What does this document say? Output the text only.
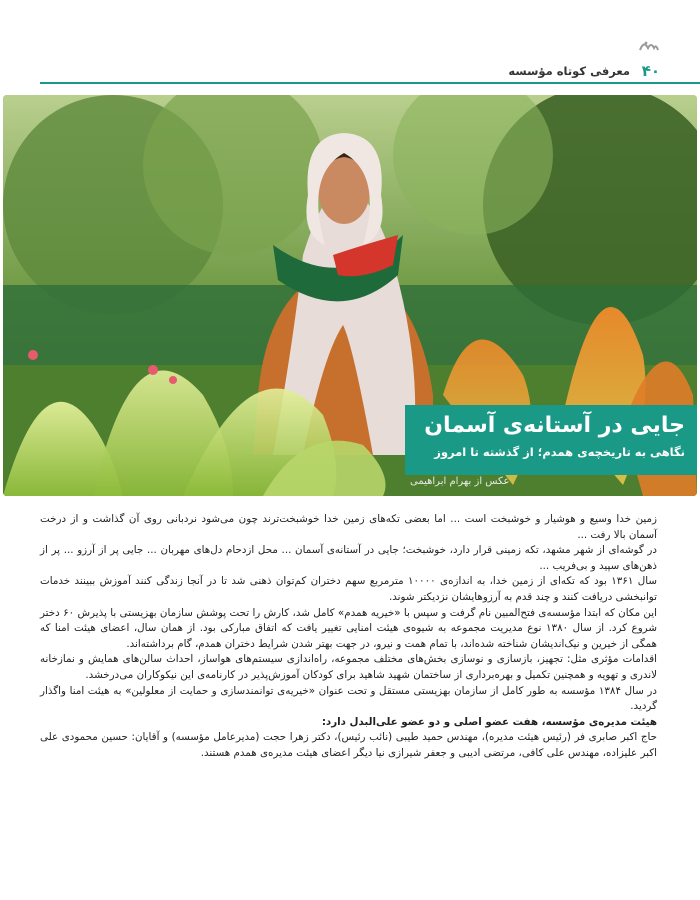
۴۰
معرفی کوتاه مؤسسه
عکس از بهرام ابراهیمی
جایی در آستانه‌ی آسمان
نگاهی به تاریخچه‌ی همدم؛ از گذشته تا امروز

زمین خدا وسیع و هوشیار و خوشبخت است ... اما بعضی تکه‌های زمین خدا خوشبخت‌ترند چون می‌شود نردبانی روی آن گذاشت و از درخت آسمان بالا رفت ...

در گوشه‌ای از شهر مشهد، تکه زمینی قرار دارد، خوشبخت؛ جایی در آستانه‌ی آسمان ... محل ازدحام دل‌های مهربان ... جایی پر از آرزو ... پر از ذهن‌های سپید و بی‌فریب ...

سال ۱۳۶۱ بود که تکه‌ای از زمین خدا، به اندازه‌ی ۱۰۰۰۰ مترمربع سهم دختران کم‌توان ذهنی شد تا در آنجا زندگی کنند آموزش ببینند خدمات توانبخشی دریافت کنند و چند قدم به آرزوهایشان نزدیکتر شوند.

این مکان که ابتدا مؤسسه‌ی فتح‌المبین نام گرفت و سپس با «خیریه همدم» کامل شد، کارش را تحت پوشش سازمان بهزیستی با پذیرش ۶۰ دختر شروع کرد. از سال ۱۳۸۰ نوع مدیریت مجموعه به شیوه‌ی هیئت امنایی تغییر یافت که اتفاق مبارکی بود. از همان سال، اعضای هیئت امنا که همگی از خیرین و نیک‌اندیشان شناخته شده‌اند، با تمام همت و نیرو، در جهت بهتر شدن شرایط دختران همدم، گام برداشته‌اند.

اقدامات مؤثری مثل: تجهیز، بازسازی و نوسازی بخش‌های مختلف مجموعه، راه‌اندازی سیستم‌های هواساز، احداث سالن‌های همایش و نمازخانه لاندری و تهویه و همچنین تکمیل و بهره‌برداری از ساختمان شهید شاهید برای کودکان آموزش‌پذیر در کارنامه‌ی این نیکوکاران می‌درخشد.

در سال ۱۳۸۴ مؤسسه به طور کامل از سازمان بهزیستی مستقل و تحت عنوان «خیریه‌ی توانمندسازی و حمایت از معلولین» به هیئت امنا واگذار گردید.

هیئت مدیره‌ی مؤسسه، هفت عضو اصلی و دو عضو علی‌البدل دارد:

حاج اکبر صابری فر (رئیس هیئت مدیره)، مهندس حمید طیبی (نائب رئیس)، دکتر زهرا حجت (مدیرعامل مؤسسه) و آقایان: حسین محمودی علی اکبر علیزاده، مهندس علی کافی، مرتضی ادیبی و جعفر شیرازی نیا دیگر اعضای هیئت مدیره‌ی همدم هستند.
